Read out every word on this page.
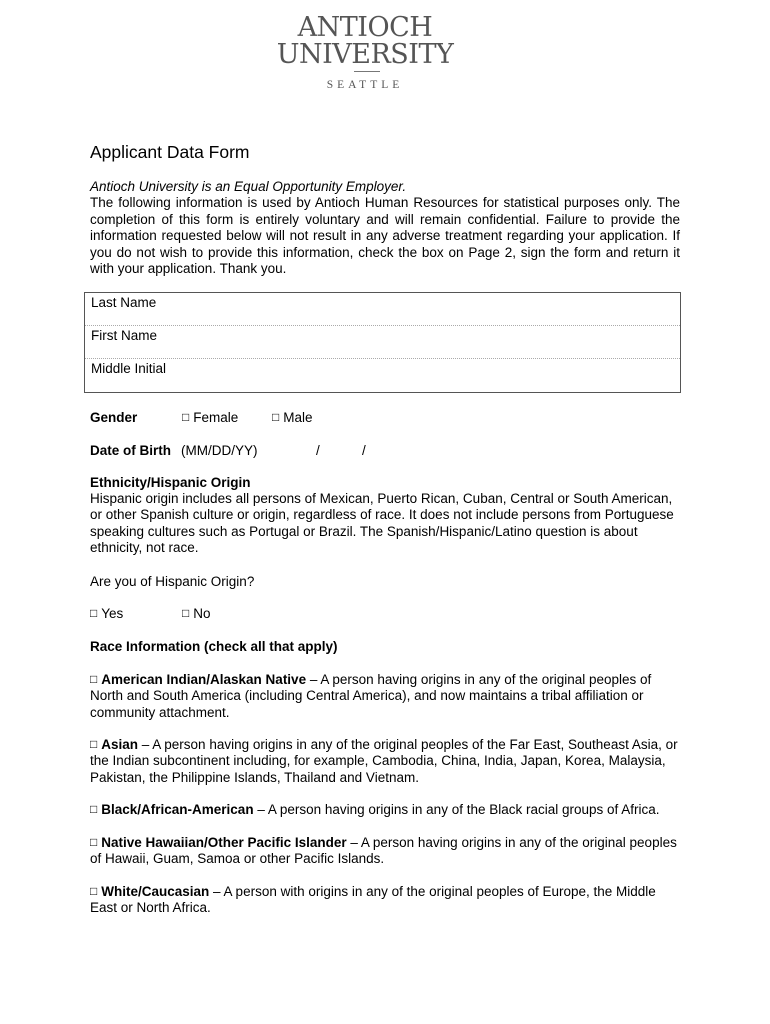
ANTIOCH
UNIVERSITY
SEATTLE
Applicant Data Form
Antioch University is an Equal Opportunity Employer.
The following information is used by Antioch Human Resources for statistical purposes only. The completion of this form is entirely voluntary and will remain confidential. Failure to provide the information requested below will not result in any adverse treatment regarding your application. If you do not wish to provide this information, check the box on Page 2, sign the form and return it with your application. Thank you.
Last Name
First Name
Middle Initial
Gender	□ Female	□ Male
Date of Birth (MM/DD/YY)	/	/
Ethnicity/Hispanic Origin
Hispanic origin includes all persons of Mexican, Puerto Rican, Cuban, Central or South American, or other Spanish culture or origin, regardless of race. It does not include persons from Portuguese speaking cultures such as Portugal or Brazil. The Spanish/Hispanic/Latino question is about ethnicity, not race.
Are you of Hispanic Origin?
□ Yes	□ No
Race Information (check all that apply)
□ American Indian/Alaskan Native – A person having origins in any of the original peoples of North and South America (including Central America), and now maintains a tribal affiliation or community attachment.
□ Asian – A person having origins in any of the original peoples of the Far East, Southeast Asia, or the Indian subcontinent including, for example, Cambodia, China, India, Japan, Korea, Malaysia, Pakistan, the Philippine Islands, Thailand and Vietnam.
□ Black/African-American – A person having origins in any of the Black racial groups of Africa.
□ Native Hawaiian/Other Pacific Islander – A person having origins in any of the original peoples of Hawaii, Guam, Samoa or other Pacific Islands.
□ White/Caucasian – A person with origins in any of the original peoples of Europe, the Middle East or North Africa.
